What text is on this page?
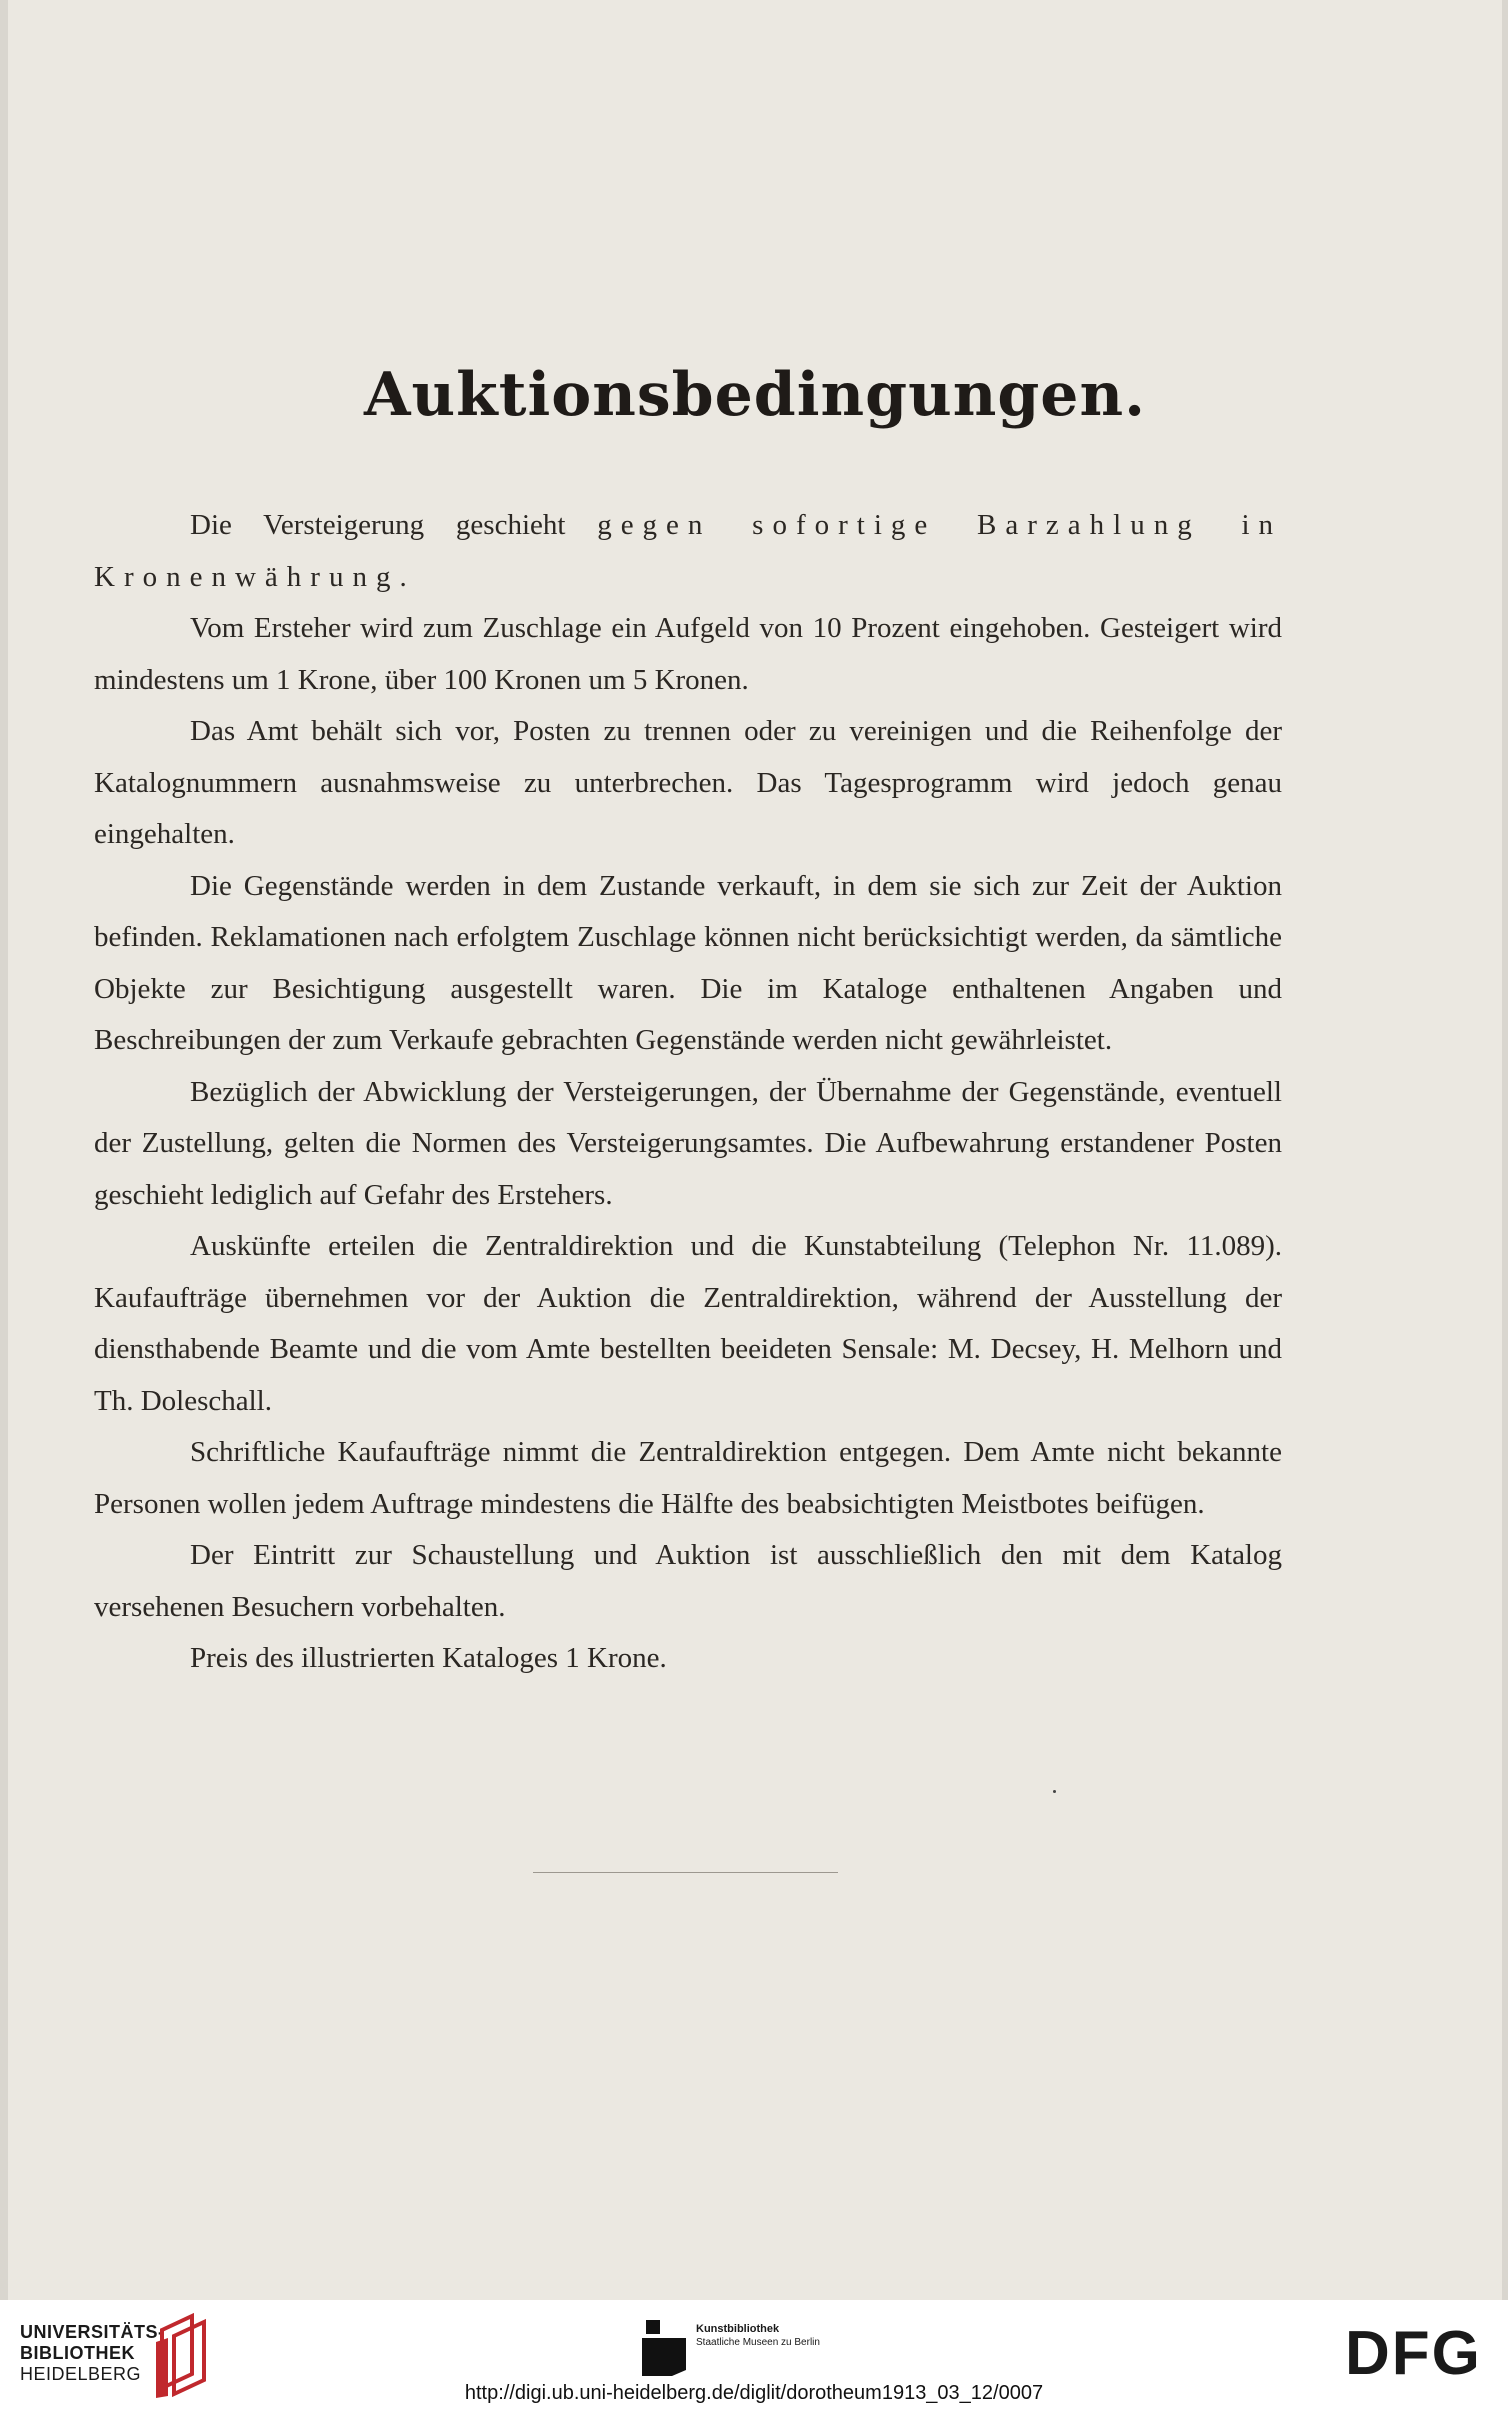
Auktionsbedingungen.

Die Versteigerung geschieht gegen sofortige Barzahlung in Kronenwährung.

Vom Ersteher wird zum Zuschlage ein Aufgeld von 10 Prozent eingehoben. Gesteigert wird mindestens um 1 Krone, über 100 Kronen um 5 Kronen.

Das Amt behält sich vor, Posten zu trennen oder zu vereinigen und die Reihenfolge der Katalognummern ausnahmsweise zu unterbrechen. Das Tagesprogramm wird jedoch genau eingehalten.

Die Gegenstände werden in dem Zustande verkauft, in dem sie sich zur Zeit der Auktion befinden. Reklamationen nach erfolgtem Zuschlage können nicht berücksichtigt werden, da sämtliche Objekte zur Besichtigung ausgestellt waren. Die im Kataloge enthaltenen Angaben und Beschreibungen der zum Verkaufe gebrachten Gegenstände werden nicht gewährleistet.

Bezüglich der Abwicklung der Versteigerungen, der Übernahme der Gegenstände, eventuell der Zustellung, gelten die Normen des Versteigerungsamtes. Die Aufbewahrung erstandener Posten geschieht lediglich auf Gefahr des Erstehers.

Auskünfte erteilen die Zentraldirektion und die Kunstabteilung (Telephon Nr. 11.089). Kaufaufträge übernehmen vor der Auktion die Zentraldirektion, während der Ausstellung der diensthabende Beamte und die vom Amte bestellten beeideten Sensale: M. Decsey, H. Melhorn und Th. Doleschall.

Schriftliche Kaufaufträge nimmt die Zentraldirektion entgegen. Dem Amte nicht bekannte Personen wollen jedem Auftrage mindestens die Hälfte des beabsichtigten Meistbotes beifügen.

Der Eintritt zur Schaustellung und Auktion ist ausschließlich den mit dem Katalog versehenen Besuchern vorbehalten.

Preis des illustrierten Kataloges 1 Krone.

UNIVERSITÄTS-
BIBLIOTHEK
HEIDELBERG
Kunstbibliothek
Staatliche Museen zu Berlin	DFG
http://digi.ub.uni-heidelberg.de/diglit/dorotheum1913_03_12/0007
